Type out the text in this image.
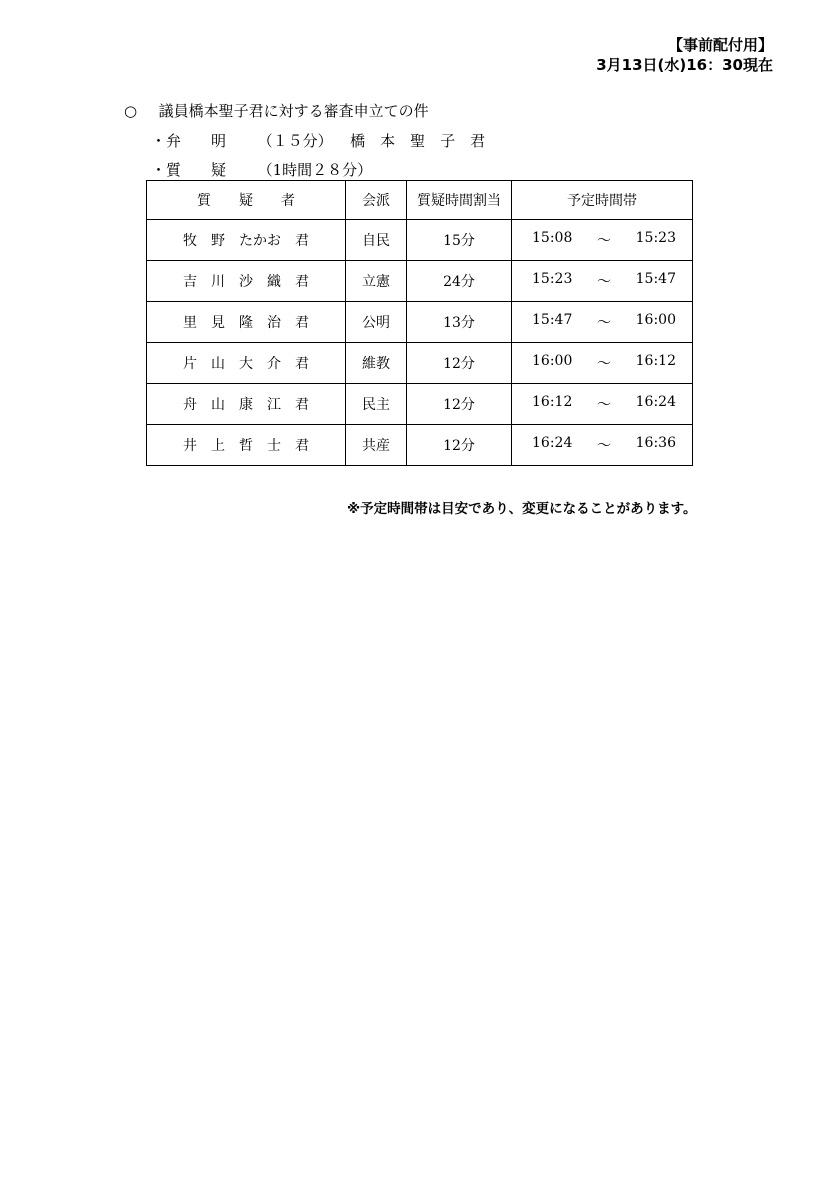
【事前配付用】
3月13日(水)16：30現在
○ 議員橋本聖子君に対する審査申立ての件
・弁　　明 （１５分） 橋　本　聖　子　君
・質　　疑 （1時間２８分）
質　　疑　　者	会派	質疑時間割当	予定時間帯
牧　野　たかお　君	自民	15分	15:08 ～ 15:23

吉　川　沙　織　君	立憲	24分	15:23 ～ 15:47

里　見　隆　治　君	公明	13分	15:47 ～ 16:00

片　山　大　介　君	維教	12分	16:00 ～ 16:12

舟　山　康　江　君	民主	12分	16:12 ～ 16:24

井　上　哲　士　君	共産	12分	16:24 ～ 16:36
※予定時間帯は目安であり、変更になることがあります。
